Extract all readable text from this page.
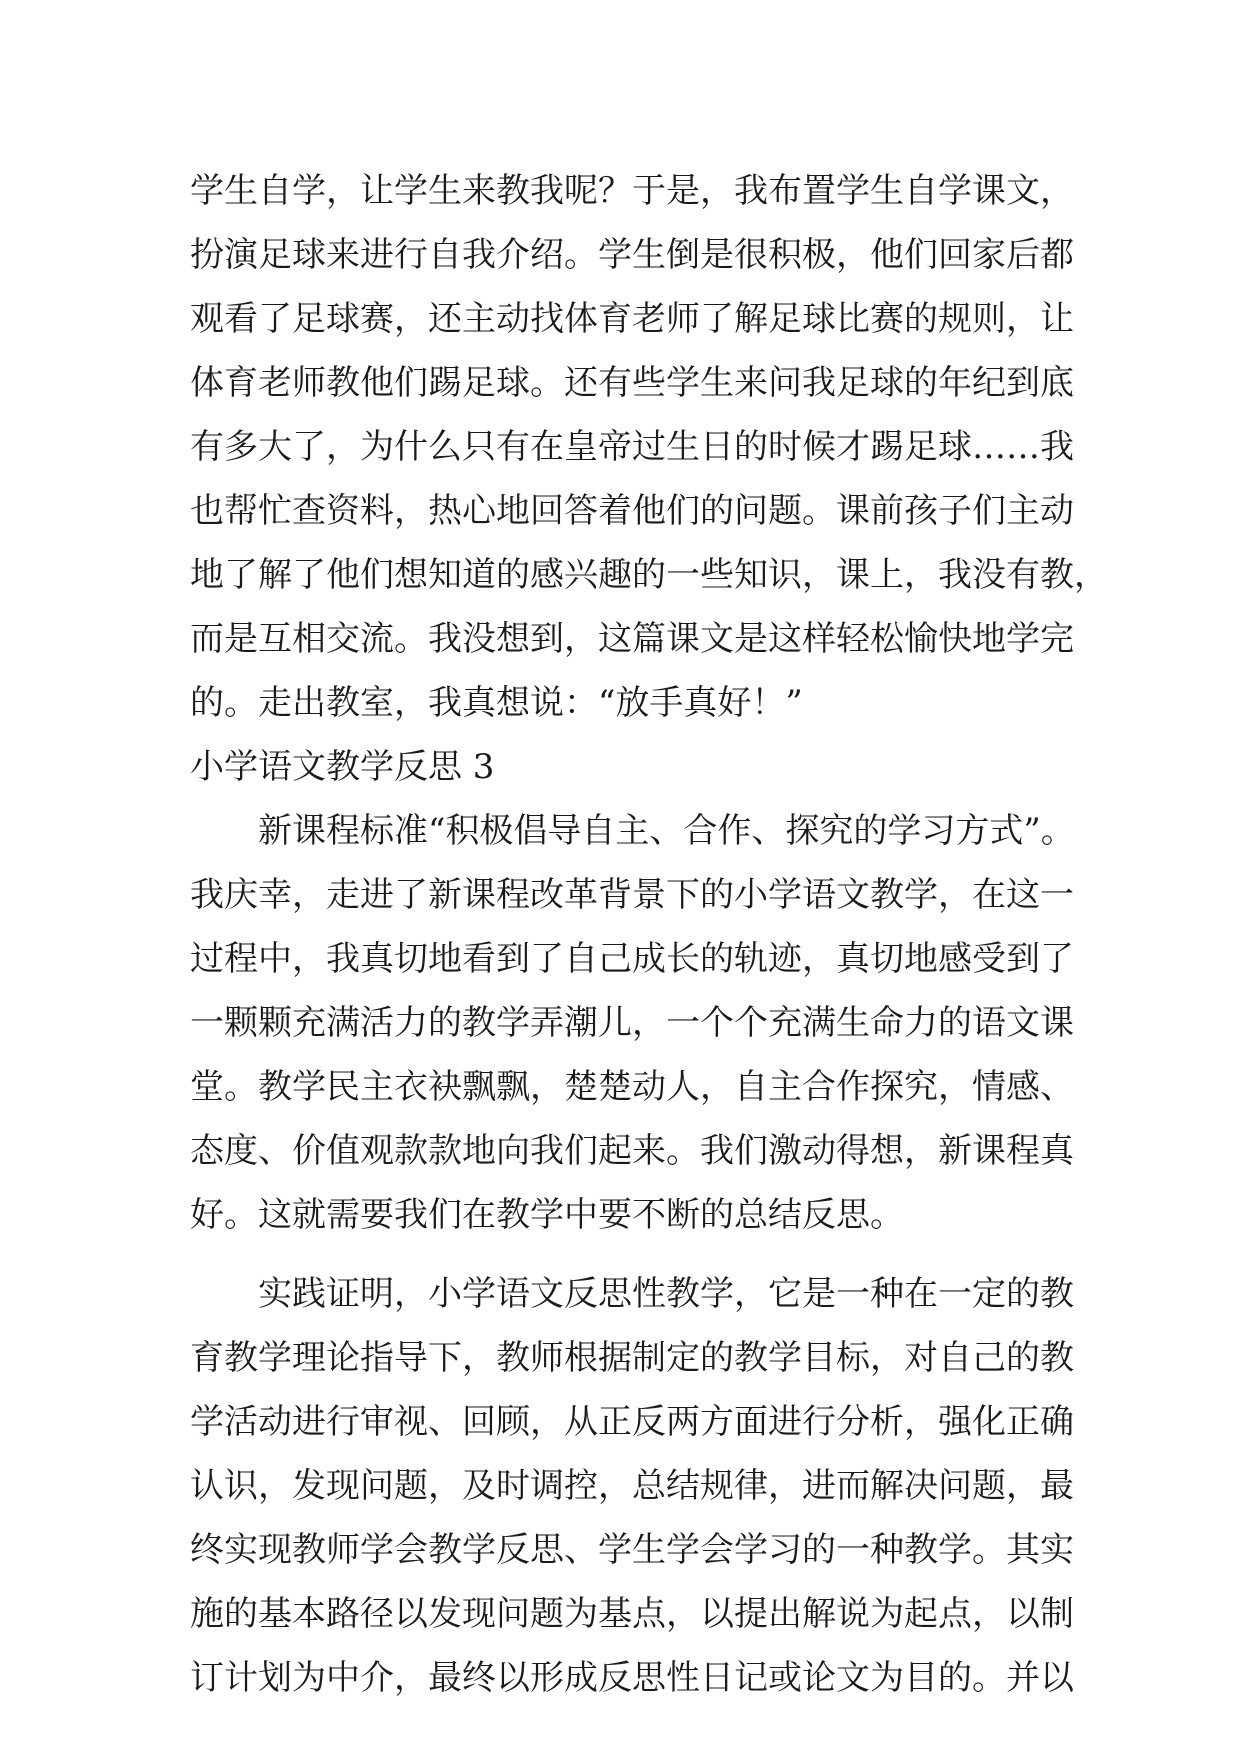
学生自学，让学生来教我呢？于是，我布置学生自学课文，
扮演足球来进行自我介绍。学生倒是很积极，他们回家后都
观看了足球赛，还主动找体育老师了解足球比赛的规则，让
体育老师教他们踢足球。还有些学生来问我足球的年纪到底
有多大了，为什么只有在皇帝过生日的时候才踢足球……我
也帮忙查资料，热心地回答着他们的问题。课前孩子们主动
地了解了他们想知道的感兴趣的一些知识，课上，我没有教，
而是互相交流。我没想到，这篇课文是这样轻松愉快地学完
的。走出教室，我真想说：“放手真好！”
小学语文教学反思 3
新课程标准“积极倡导自主、合作、探究的学习方式”。
我庆幸，走进了新课程改革背景下的小学语文教学，在这一
过程中，我真切地看到了自己成长的轨迹，真切地感受到了
一颗颗充满活力的教学弄潮儿，一个个充满生命力的语文课
堂。教学民主衣袂飘飘，楚楚动人，自主合作探究，情感、
态度、价值观款款地向我们起来。我们激动得想，新课程真
好。这就需要我们在教学中要不断的总结反思。
实践证明，小学语文反思性教学，它是一种在一定的教
育教学理论指导下，教师根据制定的教学目标，对自己的教
学活动进行审视、回顾，从正反两方面进行分析，强化正确
认识，发现问题，及时调控，总结规律，进而解决问题，最
终实现教师学会教学反思、学生学会学习的一种教学。其实
施的基本路径以发现问题为基点，以提出解说为起点，以制
订计划为中介，最终以形成反思性日记或论文为目的。并以
